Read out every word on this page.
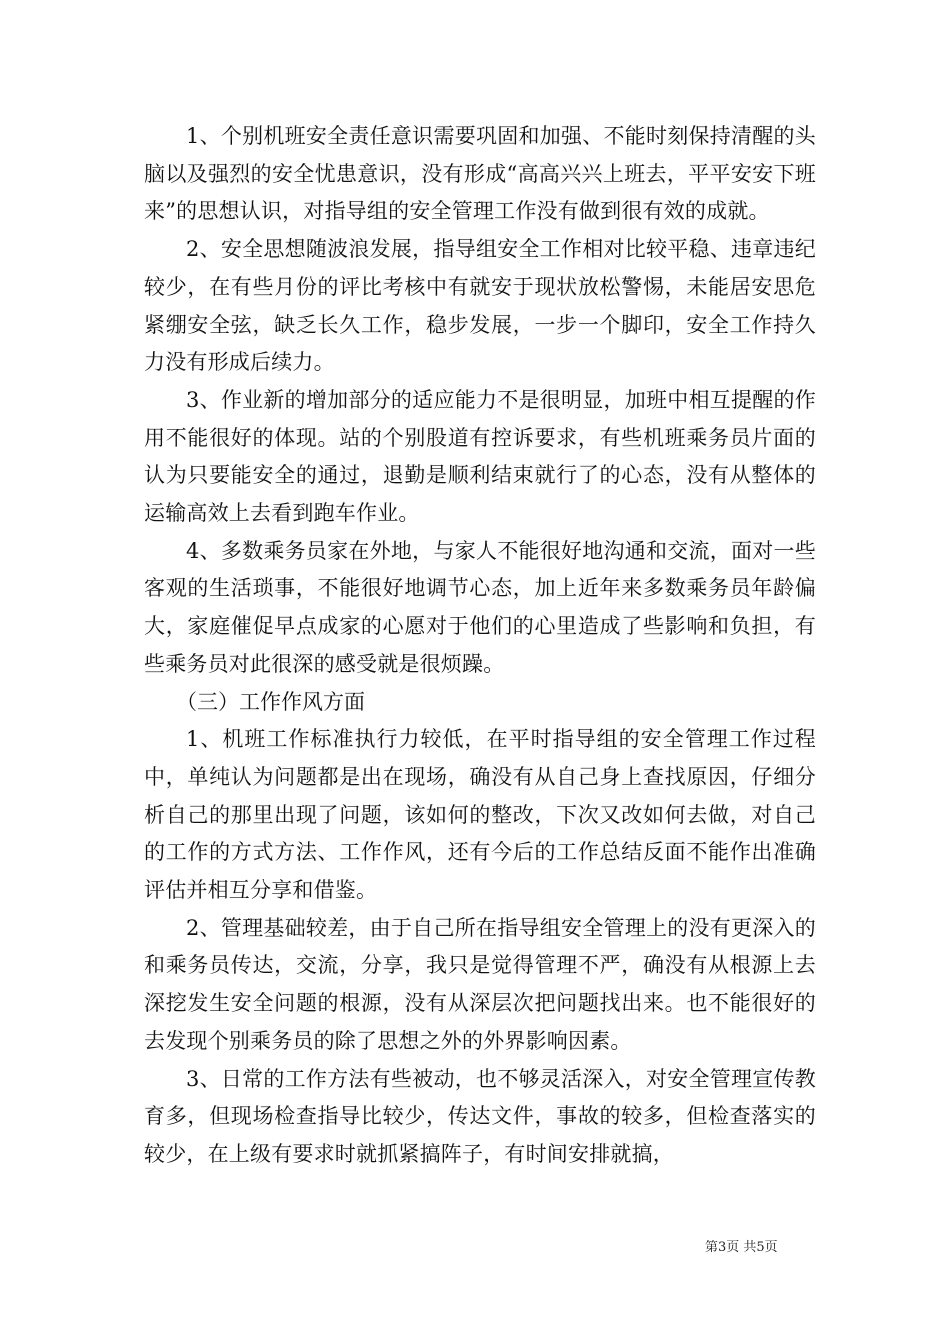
1、个别机班安全责任意识需要巩固和加强、不能时刻保持清醒的头脑以及强烈的安全忧患意识，没有形成“高高兴兴上班去，平平安安下班来”的思想认识，对指导组的安全管理工作没有做到很有效的成就。

2、安全思想随波浪发展，指导组安全工作相对比较平稳、违章违纪较少，在有些月份的评比考核中有就安于现状放松警惕，未能居安思危紧绷安全弦，缺乏长久工作，稳步发展，一步一个脚印，安全工作持久力没有形成后续力。

3、作业新的增加部分的适应能力不是很明显，加班中相互提醒的作用不能很好的体现。站的个别股道有控诉要求，有些机班乘务员片面的认为只要能安全的通过，退勤是顺利结束就行了的心态，没有从整体的运输高效上去看到跑车作业。

4、多数乘务员家在外地，与家人不能很好地沟通和交流，面对一些客观的生活琐事，不能很好地调节心态，加上近年来多数乘务员年龄偏大，家庭催促早点成家的心愿对于他们的心里造成了些影响和负担，有些乘务员对此很深的感受就是很烦躁。

（三）工作作风方面

1、机班工作标准执行力较低，在平时指导组的安全管理工作过程中，单纯认为问题都是出在现场，确没有从自己身上查找原因，仔细分析自己的那里出现了问题，该如何的整改，下次又改如何去做，对自己的工作的方式方法、工作作风，还有今后的工作总结反面不能作出准确评估并相互分享和借鉴。

2、管理基础较差，由于自己所在指导组安全管理上的没有更深入的和乘务员传达，交流，分享，我只是觉得管理不严，确没有从根源上去深挖发生安全问题的根源，没有从深层次把问题找出来。也不能很好的去发现个别乘务员的除了思想之外的外界影响因素。

3、日常的工作方法有些被动，也不够灵活深入，对安全管理宣传教育多，但现场检查指导比较少，传达文件，事故的较多，但检查落实的较少，在上级有要求时就抓紧搞阵子，有时间安排就搞，

第3页 共5页
